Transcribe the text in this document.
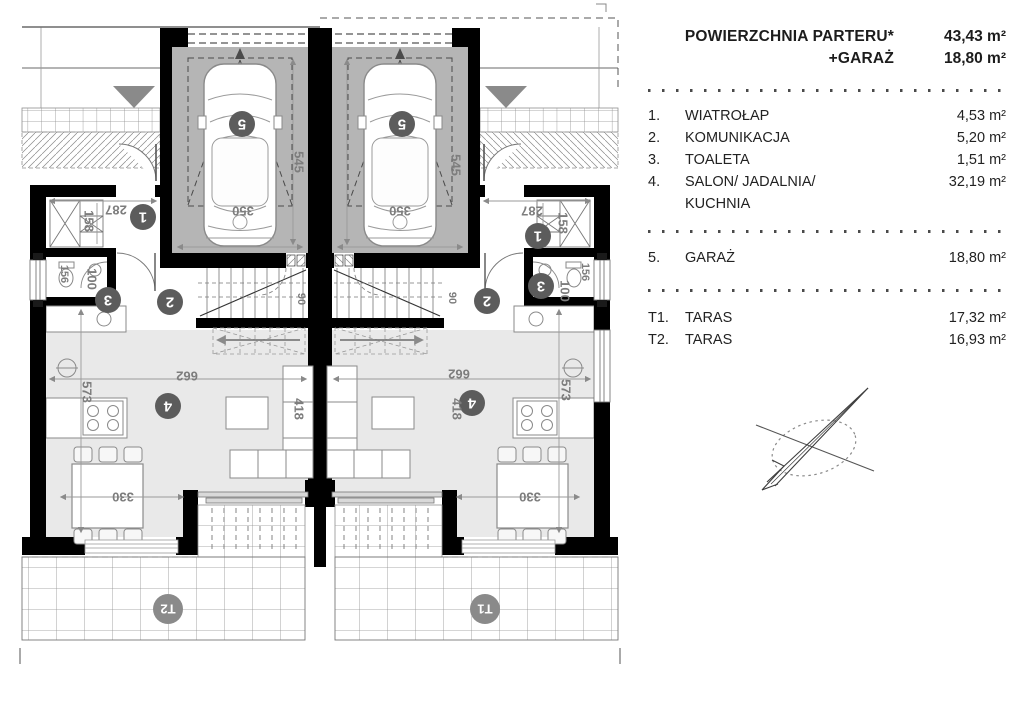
1
2
3
4
5
1
2
3
4
5
T2	T1
545
350
287
158
100
156
90
662
418
573
330
545
350	287
158
100
156
90
662
418
573
330
POWIERZCHNIA PARTERU*	43,43 m²
+GARAŻ	18,80 m²
1.	WIATROŁAP	4,53 m²
2.	KOMUNIKACJA	5,20 m²
3.	TOALETA	1,51 m²
4.	SALON/ JADALNIA/	32,19 m²
KUCHNIA
5.	GARAŻ	18,80 m²
T1.	TARAS	17,32 m²
T2.	TARAS	16,93 m²
